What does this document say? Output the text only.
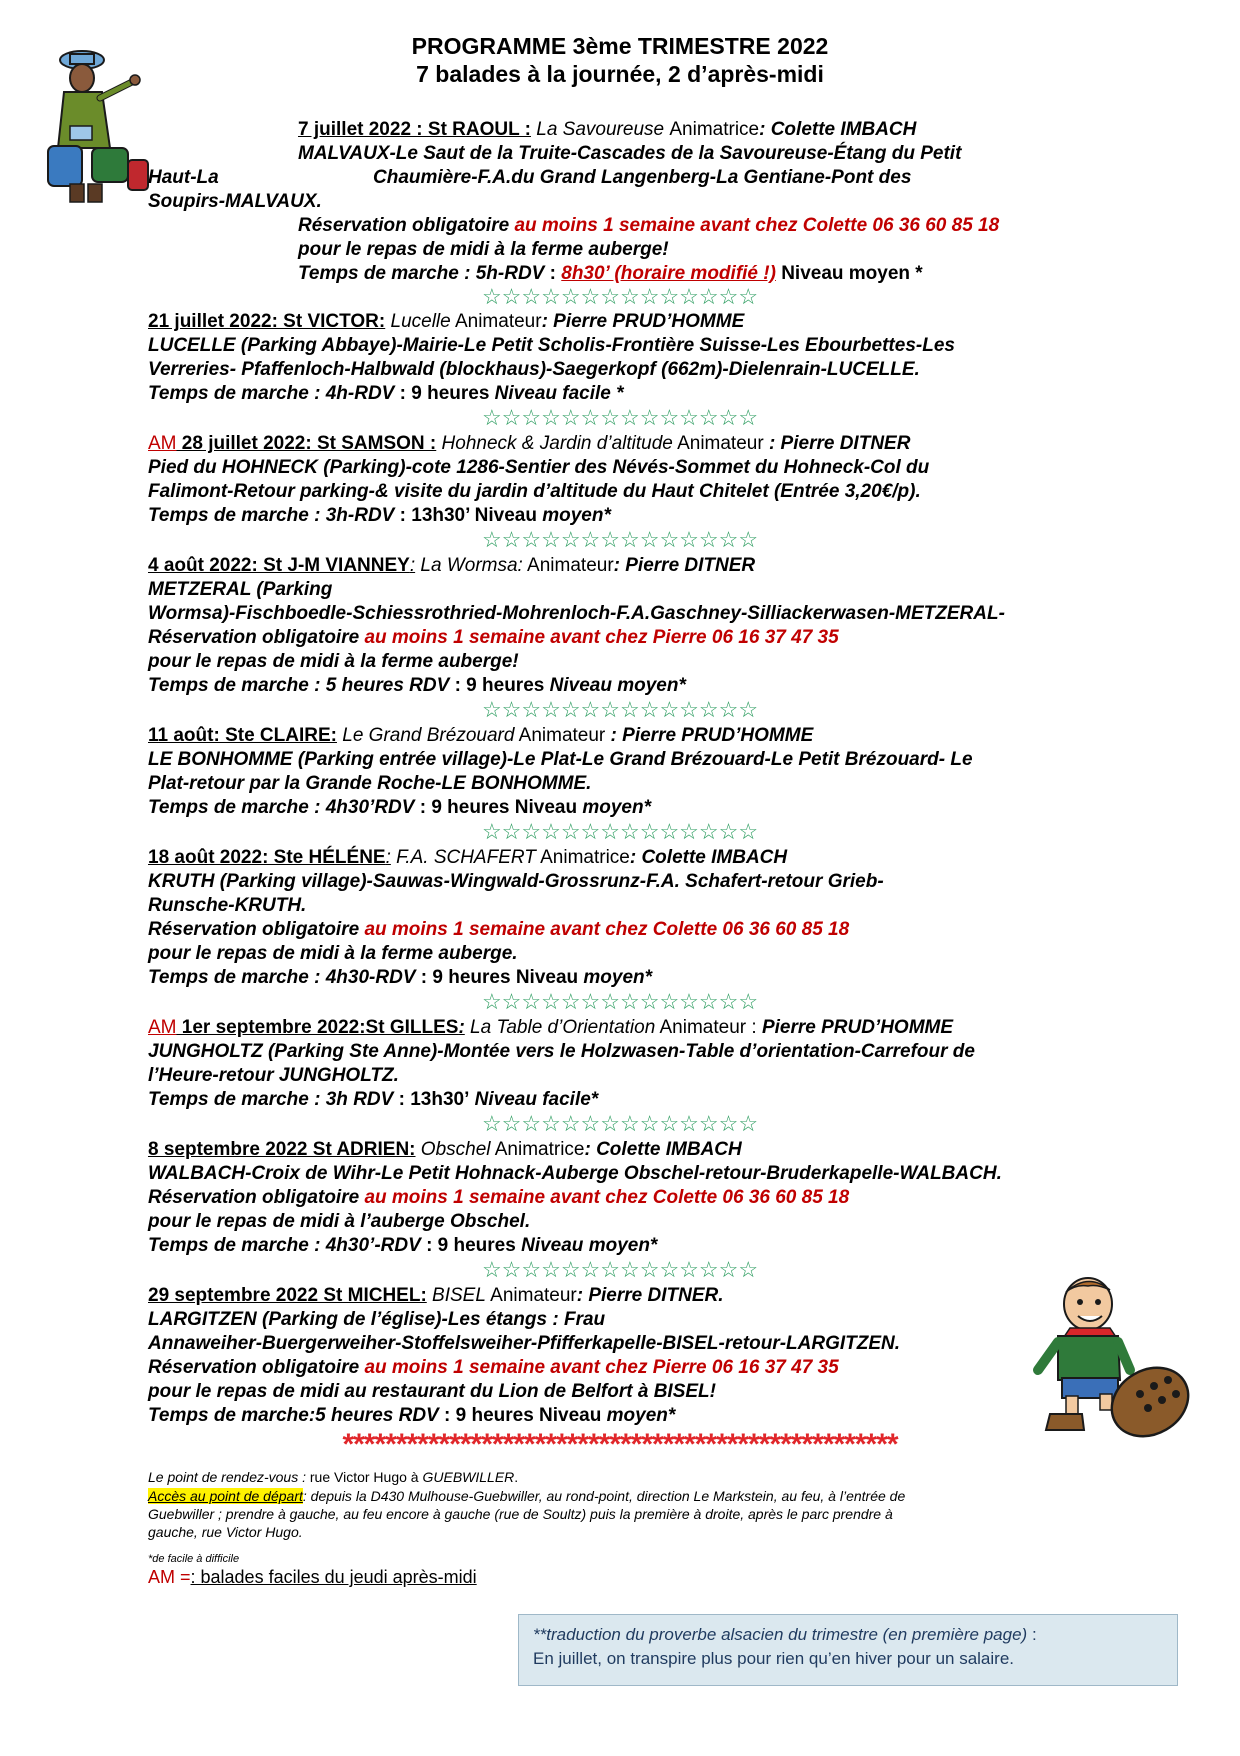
PROGRAMME 3ème TRIMESTRE 2022
7 balades à la journée, 2 d’après-midi
7 juillet 2022 : St RAOUL : La Savoureuse Animatrice: Colette IMBACH
MALVAUX-Le Saut de la Truite-Cascades de la Savoureuse-Étang du Petit
Haut-La	Chaumière-F.A.du Grand Langenberg-La Gentiane-Pont des
Soupirs-MALVAUX.
Réservation obligatoire au moins 1 semaine avant chez Colette 06 36 60 85 18
pour le repas de midi à la ferme auberge!
Temps de marche : 5h-RDV : 8h30’ (horaire modifié !) Niveau moyen *
☆☆☆☆☆☆☆☆☆☆☆☆☆☆
21 juillet 2022: St VICTOR: Lucelle Animateur: Pierre PRUD’HOMME
LUCELLE (Parking Abbaye)-Mairie-Le Petit Scholis-Frontière Suisse-Les Ebourbettes-Les
Verreries- Pfaffenloch-Halbwald (blockhaus)-Saegerkopf (662m)-Dielenrain-LUCELLE.
Temps de marche : 4h-RDV : 9 heures Niveau facile *
☆☆☆☆☆☆☆☆☆☆☆☆☆☆
AM 28 juillet 2022: St SAMSON : Hohneck & Jardin d’altitude Animateur : Pierre DITNER
Pied du HOHNECK (Parking)-cote 1286-Sentier des Névés-Sommet du Hohneck-Col du
Falimont-Retour parking-& visite du jardin d’altitude du Haut Chitelet (Entrée 3,20€/p).
Temps de marche : 3h-RDV : 13h30’ Niveau moyen*
☆☆☆☆☆☆☆☆☆☆☆☆☆☆
4 août 2022: St J-M VIANNEY: La Wormsa: Animateur: Pierre DITNER
METZERAL (Parking
Wormsa)-Fischboedle-Schiessrothried-Mohrenloch-F.A.Gaschney-Silliackerwasen-METZERAL-
Réservation obligatoire au moins 1 semaine avant chez Pierre 06 16 37 47 35
pour le repas de midi à la ferme auberge!
Temps de marche : 5 heures RDV : 9 heures Niveau moyen*
☆☆☆☆☆☆☆☆☆☆☆☆☆☆
11 août: Ste CLAIRE: Le Grand Brézouard Animateur : Pierre PRUD’HOMME
LE BONHOMME (Parking entrée village)-Le Plat-Le Grand Brézouard-Le Petit Brézouard- Le
Plat-retour par la Grande Roche-LE BONHOMME.
Temps de marche : 4h30’RDV : 9 heures Niveau moyen*
☆☆☆☆☆☆☆☆☆☆☆☆☆☆
18 août 2022: Ste HÉLÉNE: F.A. SCHAFERT Animatrice: Colette IMBACH
KRUTH (Parking village)-Sauwas-Wingwald-Grossrunz-F.A. Schafert-retour Grieb-
Runsche-KRUTH.
Réservation obligatoire au moins 1 semaine avant chez Colette 06 36 60 85 18
pour le repas de midi à la ferme auberge.
Temps de marche : 4h30-RDV : 9 heures Niveau moyen*
☆☆☆☆☆☆☆☆☆☆☆☆☆☆
AM 1er septembre 2022:St GILLES: La Table d’Orientation Animateur : Pierre PRUD’HOMME
JUNGHOLTZ (Parking Ste Anne)-Montée vers le Holzwasen-Table d’orientation-Carrefour de
l’Heure-retour JUNGHOLTZ.
Temps de marche : 3h RDV : 13h30’ Niveau facile*
☆☆☆☆☆☆☆☆☆☆☆☆☆☆
8 septembre 2022 St ADRIEN: Obschel Animatrice: Colette IMBACH
WALBACH-Croix de Wihr-Le Petit Hohnack-Auberge Obschel-retour-Bruderkapelle-WALBACH.
Réservation obligatoire au moins 1 semaine avant chez Colette 06 36 60 85 18
pour le repas de midi à l’auberge Obschel.
Temps de marche : 4h30’-RDV : 9 heures Niveau moyen*
☆☆☆☆☆☆☆☆☆☆☆☆☆☆
29 septembre 2022 St MICHEL: BISEL Animateur: Pierre DITNER.
LARGITZEN (Parking de l’église)-Les étangs : Frau
Annaweiher-Buergerweiher-Stoffelsweiher-Pfifferkapelle-BISEL-retour-LARGITZEN.
Réservation obligatoire au moins 1 semaine avant chez Pierre 06 16 37 47 35
pour le repas de midi au restaurant du Lion de Belfort à BISEL!
Temps de marche:5 heures RDV : 9 heures Niveau moyen*
****************************************************
Le point de rendez-vous : rue Victor Hugo à GUEBWILLER.
Accès au point de départ: depuis la D430 Mulhouse-Guebwiller, au rond-point, direction Le Markstein, au feu, à l’entrée de
Guebwiller ; prendre à gauche, au feu encore à gauche (rue de Soultz) puis la première à droite, après le parc prendre à
gauche, rue Victor Hugo.
*de facile à difficile
AM =: balades faciles du jeudi après-midi
**traduction du proverbe alsacien du trimestre (en première page) :
En juillet, on transpire plus pour rien qu’en hiver pour un salaire.
